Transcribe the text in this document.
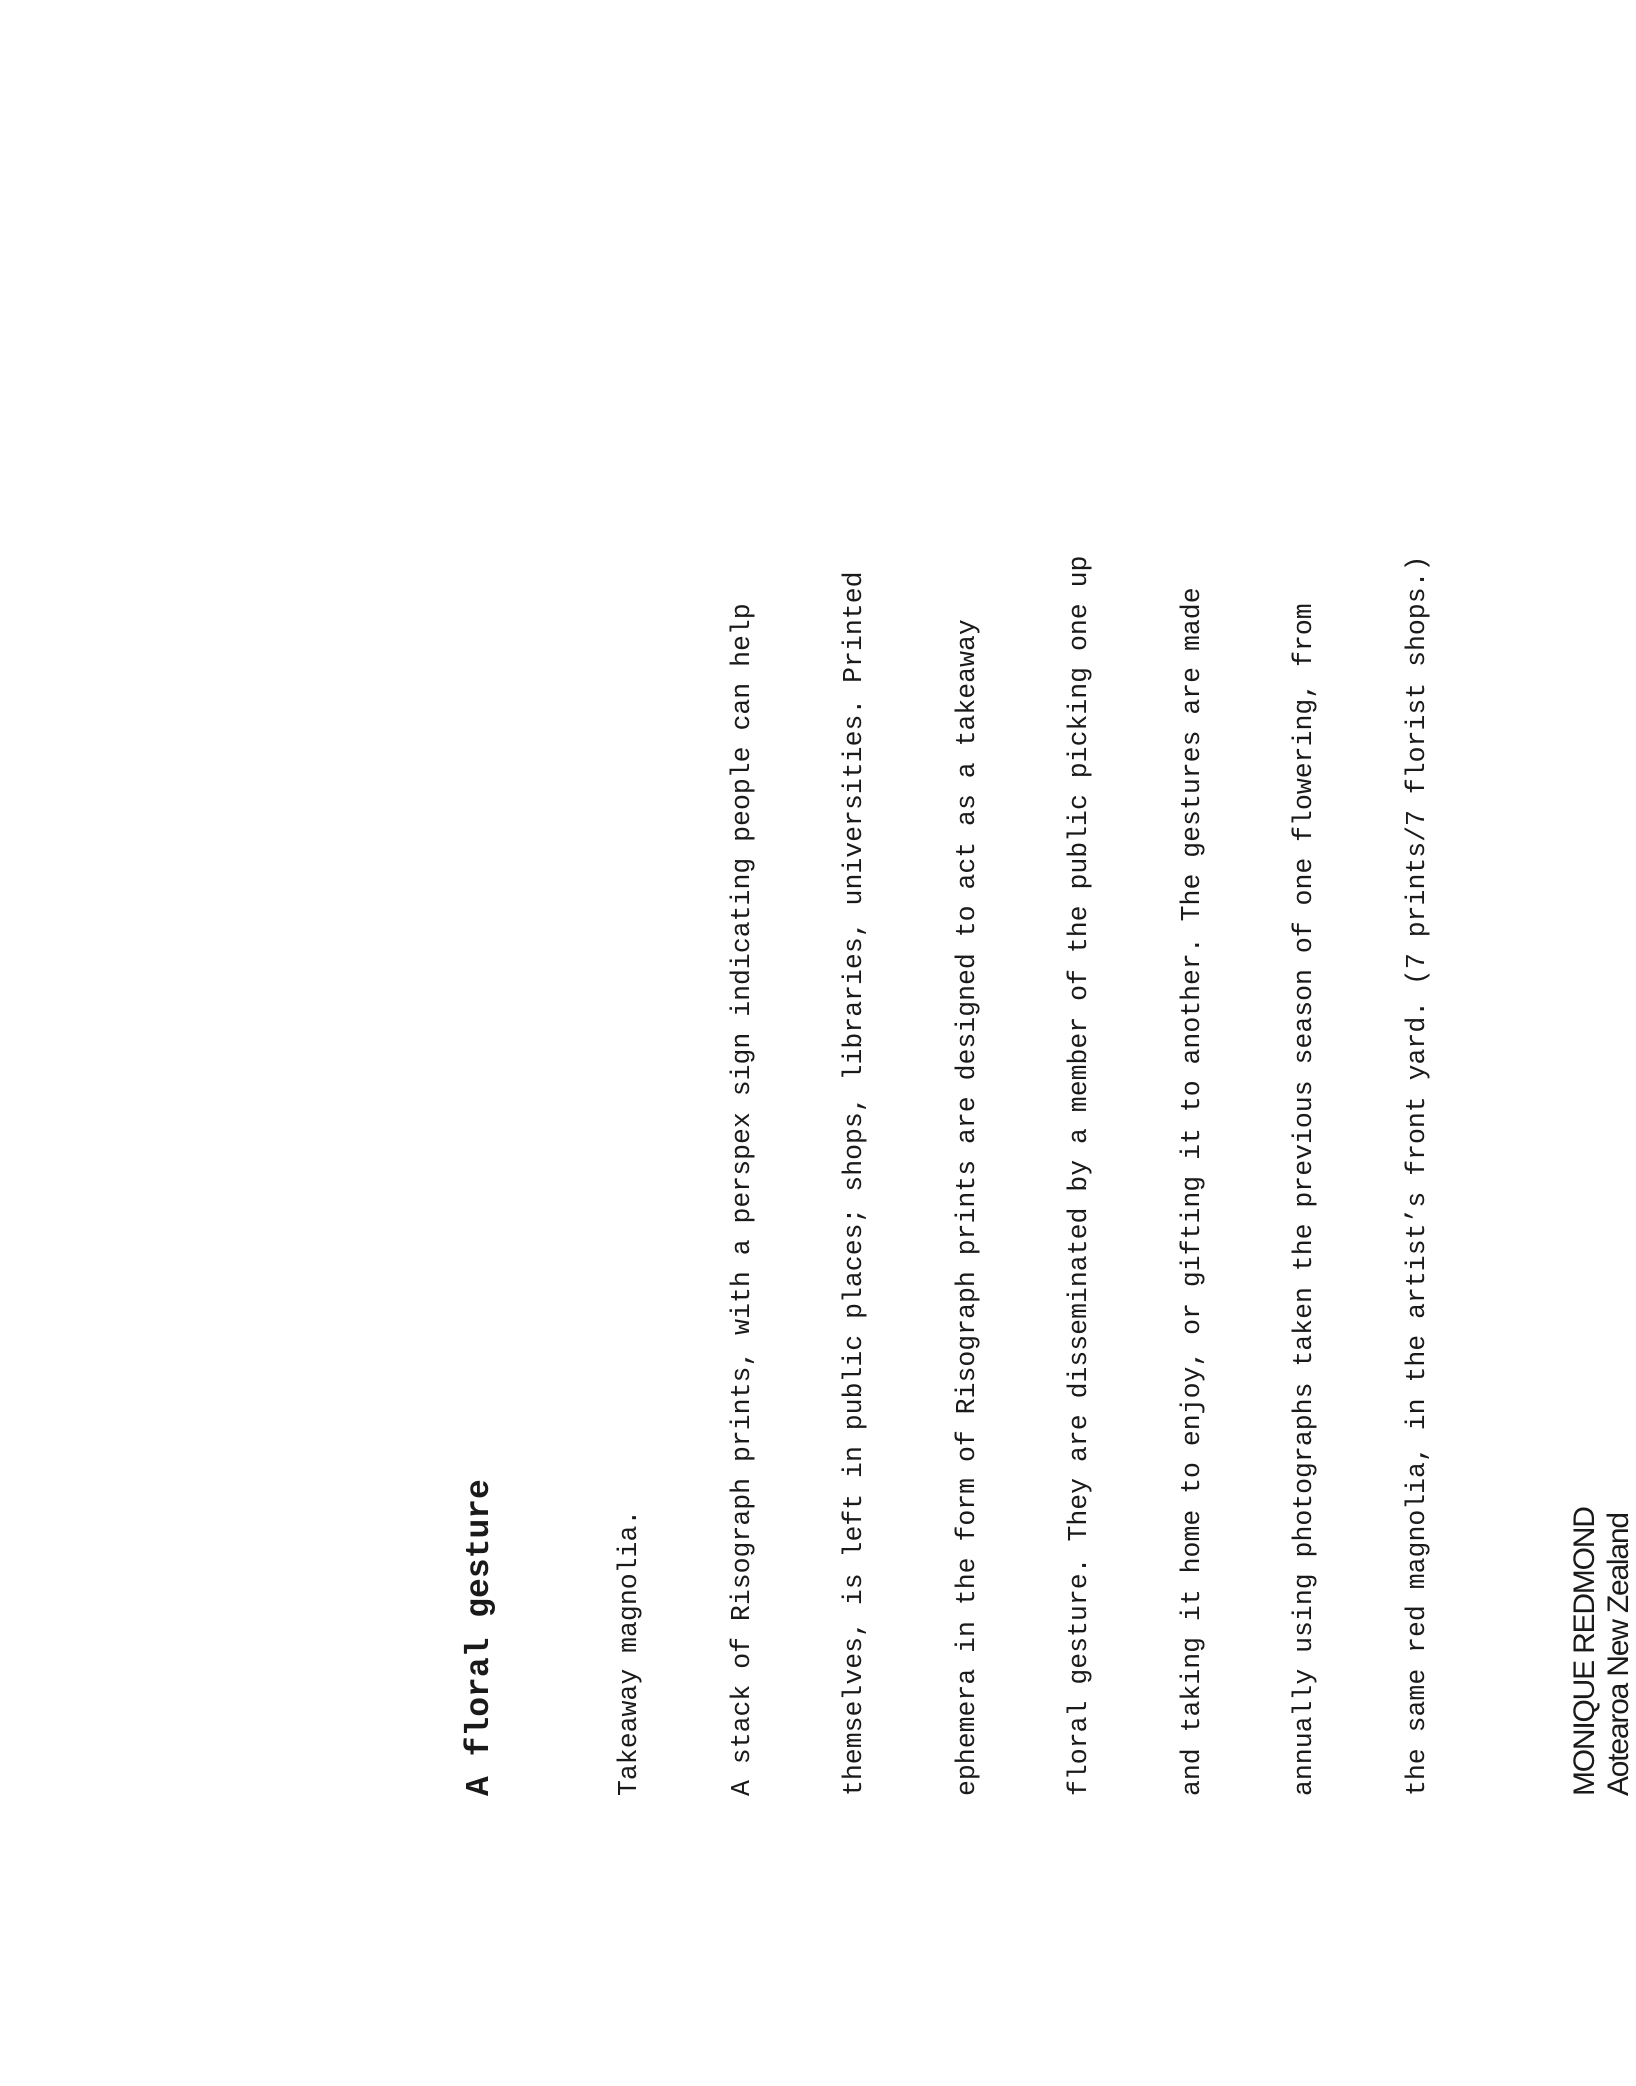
A floral gesture

	Takeaway magnolia.

	A stack of Risograph prints, with a perspex sign indicating people can help

	themselves, is left in public places; shops, libraries, universities. Printed

	ephemera in the form of Risograph prints are designed to act as a takeaway

	floral gesture. They are disseminated by a member of the public picking one up

	and taking it home to enjoy, or gifting it to another. The gestures are made

	annually using photographs taken the previous season of one flowering, from

	the same red magnolia, in the artist’s front yard. (7 prints/7 florist shops.)

	MONIQUE REDMOND Aotearoa New Zealand
